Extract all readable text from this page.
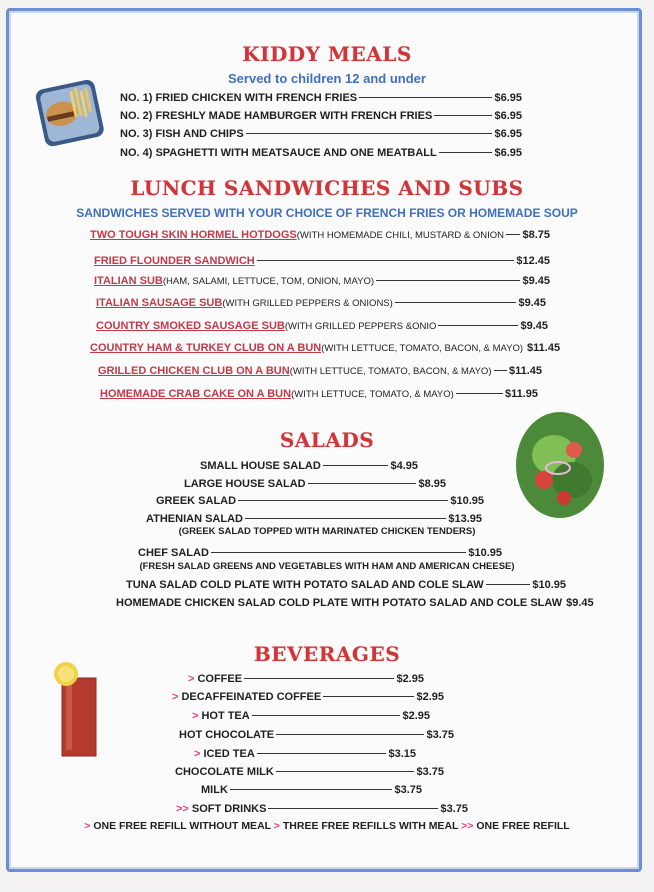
KIDDY MEALS
Served to children 12 and under
NO. 1) FRIED CHICKEN WITH FRENCH FRIES	$6.95
NO. 2) FRESHLY MADE HAMBURGER WITH FRENCH FRIES	$6.95
NO. 3) FISH AND CHIPS	$6.95
NO. 4) SPAGHETTI WITH MEATSAUCE AND ONE MEATBALL	$6.95
LUNCH SANDWICHES AND SUBS
SANDWICHES SERVED WITH YOUR CHOICE OF FRENCH FRIES OR HOMEMADE SOUP
TWO TOUGH SKIN HORMEL HOTDOGS (WITH HOMEMADE CHILI, MUSTARD & ONION $8.75
FRIED FLOUNDER SANDWICH	$12.45
ITALIAN SUB (HAM, SALAMI, LETTUCE, TOM, ONION, MAYO)	$9.45
ITALIAN SAUSAGE SUB (WITH GRILLED PEPPERS & ONIONS)	$9.45
COUNTRY SMOKED SAUSAGE SUB (WITH GRILLED PEPPERS &ONIO	$9.45
COUNTRY HAM & TURKEY CLUB ON A BUN (WITH LETTUCE, TOMATO, BACON, & MAYO) $11.45
GRILLED CHICKEN CLUB ON A BUN (WITH LETTUCE, TOMATO, BACON, & MAYO) $11.45
HOMEMADE CRAB CAKE ON A BUN (WITH LETTUCE, TOMATO, & MAYO)	$11.95
SALADS
SMALL HOUSE SALAD	$4.95
LARGE HOUSE SALAD	$8.95
GREEK SALAD	$10.95
ATHENIAN SALAD	$13.95
CHEF SALAD	$10.95
TUNA SALAD COLD PLATE WITH POTATO SALAD AND COLE SLAW	$10.95
HOMEMADE CHICKEN SALAD COLD PLATE WITH POTATO SALAD AND COLE SLAW $9.45
(GREEK SALAD TOPPED WITH MARINATED CHICKEN TENDERS)
(FRESH SALAD GREENS AND VEGETABLES WITH HAM AND AMERICAN CHEESE)
BEVERAGES
> COFFEE	$2.95
> DECAFFEINATED COFFEE	$2.95
> HOT TEA	$2.95
HOT CHOCOLATE	$3.75
> ICED TEA	$3.15
CHOCOLATE MILK	$3.75
MILK	$3.75
>> SOFT DRINKS	$3.75
> ONE FREE REFILL WITHOUT MEAL > THREE FREE REFILLS WITH MEAL >> ONE FREE REFILL
